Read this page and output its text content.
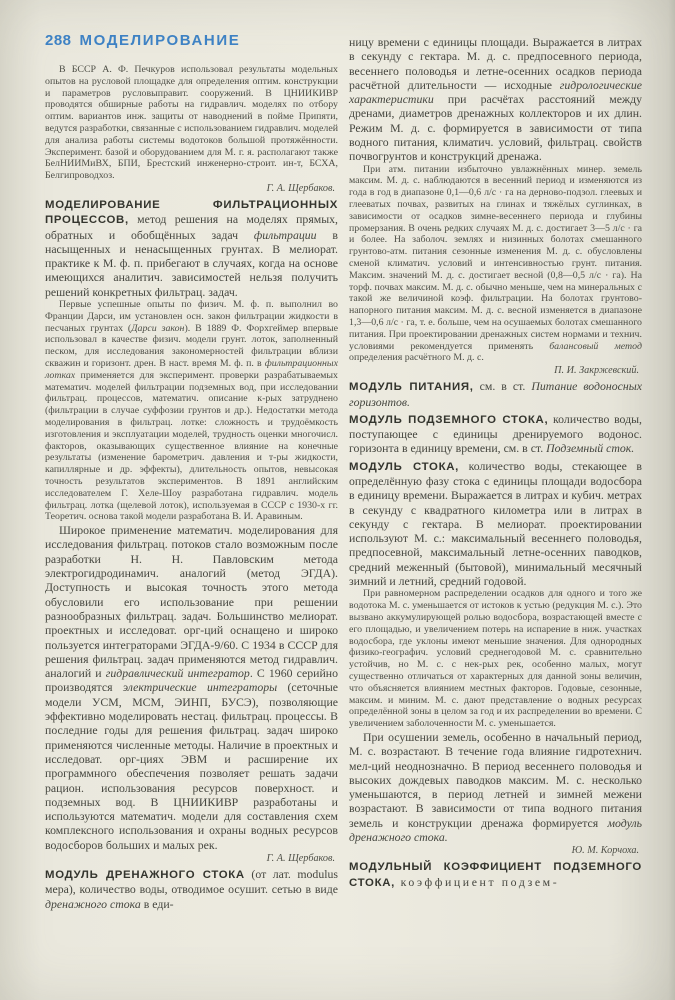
288 МОДЕЛИРОВАНИЕ

В БССР А. Ф. Печкуров использовал результаты модельных опытов на русловой площадке для определения оптим. конструкции и параметров русловыправит. сооружений. В ЦНИИКИВР проводятся обширные работы на гидравлич. моделях по отбору оптим. вариантов инж. защиты от наводнений в пойме Припяти, ведутся разработки, связанные с использованием гидравлич. моделей для анализа работы системы водотоков большой протяжённости. Эксперимент. базой и оборудованием для М. г. я. располагают также БелНИИМиВХ, БПИ, Брестский инженерно-строит. ин-т, БСХА, Белгипроводхоз.

Г. А. Щербаков.

МОДЕЛИРОВАНИЕ ФИЛЬТРАЦИОННЫХ ПРОЦЕССОВ, метод решения на моделях прямых, обратных и обобщённых задач фильтрации в насыщенных и ненасыщенных грунтах. В мелиорат. практике к М. ф. п. прибегают в случаях, когда на основе имеющихся аналитич. зависимостей нельзя получить решений конкретных фильтрац. задач.

Первые успешные опыты по физич. М. ф. п. выполнил во Франции Дарси, им установлен осн. закон фильтрации жидкости в песчаных грунтах (Дарси закон). В 1889 Ф. Форхгеймер впервые использовал в качестве физич. модели грунт. лоток, заполненный песком, для исследования закономерностей фильтрации вблизи скважин и горизонт. дрен. В наст. время М. ф. п. в фильтрационных лотках применяется для эксперимент. проверки разрабатываемых математич. моделей фильтрации подземных вод, при исследовании фильтрац. процессов, математич. описание к-рых затруднено (фильтрации в случае суффозии грунтов и др.). Недостатки метода моделирования в фильтрац. лотке: сложность и трудоёмкость изготовления и эксплуатации моделей, трудность оценки многочисл. факторов, оказывающих существенное влияние на конечные результаты (изменение барометрич. давления и т-ры жидкости, капиллярные и др. эффекты), длительность опытов, невысокая точность результатов экспериментов. В 1891 английским исследователем Г. Хеле-Шоу разработана гидравлич. модель фильтрац. лотка (щелевой лоток), используемая в СССР с 1930-х гг. Теоретич. основа такой модели разработана В. И. Аравиным.

Широкое применение математич. моделирования для исследования фильтрац. потоков стало возможным после разработки Н. Н. Павловским метода электрогидродинамич. аналогий (метод ЭГДА). Доступность и высокая точность этого метода обусловили его использование при решении разнообразных фильтрац. задач. Большинство мелиорат. проектных и исследоват. орг-ций оснащено и широко пользуется интеграторами ЭГДА-9/60. С 1934 в СССР для решения фильтрац. задач применяются метод гидравлич. аналогий и гидравлический интегратор. С 1960 серийно производятся электрические интеграторы (сеточные модели УСМ, МСМ, ЭИНП, БУСЭ), позволяющие эффективно моделировать нестац. фильтрац. процессы. В последние годы для решения фильтрац. задач широко применяются численные методы. Наличие в проектных и исследоват. орг-циях ЭВМ и расширение их программного обеспечения позволяет решать задачи рацион. использования ресурсов поверхност. и подземных вод. В ЦНИИКИВР разработаны и используются математич. модели для составления схем комплексного использования и охраны водных ресурсов водосборов больших и малых рек.

Г. А. Щербаков.

МОДУЛЬ ДРЕНАЖНОГО СТОКА (от лат. modulus мера), количество воды, отводимое осушит. сетью в виде дренажного стока в еди-

ницу времени с единицы площади. Выражается в литрах в секунду с гектара. М. д. с. предпосевного периода, весеннего половодья и летне-осенних осадков периода расчётной длительности — исходные гидрологические характеристики при расчётах расстояний между дренами, диаметров дренажных коллекторов и их длин. Режим М. д. с. формируется в зависимости от типа водного питания, климатич. условий, фильтрац. свойств почвогрунтов и конструкций дренажа.

При атм. питании избыточно увлажнённых минер. земель максим. М. д. с. наблюдаются в весенний период и изменяются из года в год в диапазоне 0,1—0,6 л/с · га на дерново-подзол. глеевых и глееватых почвах, развитых на глинах и тяжёлых суглинках, в зависимости от осадков зимне-весеннего периода и глубины промерзания. В очень редких случаях М. д. с. достигает 3—5 л/с · га и более. На заболоч. землях и низинных болотах смешанного грунтово-атм. питания сезонные изменения М. д. с. обусловлены сменой климатич. условий и интенсивностью грунт. питания. Максим. значений М. д. с. достигает весной (0,8—0,5 л/с · га). На торф. почвах максим. М. д. с. обычно меньше, чем на минеральных с такой же величиной коэф. фильтрации. На болотах грунтово-напорного питания максим. М. д. с. весной изменяется в диапазоне 1,3—0,6 л/с · га, т. е. больше, чем на осушаемых болотах смешанного питания. При проектировании дренажных систем нормами и технич. условиями рекомендуется применять балансовый метод определения расчётного М. д. с.

П. И. Закржевский.

МОДУЛЬ ПИТАНИЯ, см. в ст. Питание водоносных горизонтов.

МОДУЛЬ ПОДЗЕМНОГО СТОКА, количество воды, поступающее с единицы дренируемого водонос. горизонта в единицу времени, см. в ст. Подземный сток.

МОДУЛЬ СТОКА, количество воды, стекающее в определённую фазу стока с единицы площади водосбора в единицу времени. Выражается в литрах и кубич. метрах в секунду с квадратного километра или в литрах в секунду с гектара. В мелиорат. проектировании используют М. с.: максимальный весеннего половодья, предпосевной, максимальный летне-осенних паводков, средний меженный (бытовой), минимальный месячный зимний и летний, средний годовой.

При равномерном распределении осадков для одного и того же водотока М. с. уменьшается от истоков к устью (редукция М. с.). Это вызвано аккумулирующей ролью водосбора, возрастающей вместе с его площадью, и увеличением потерь на испарение в ниж. участках водосбора, где уклоны имеют меньшие значения. Для однородных физико-географич. условий среднегодовой М. с. сравнительно устойчив, но М. с. с нек-рых рек, особенно малых, могут существенно отличаться от характерных для данной зоны величин, что объясняется влиянием местных факторов. Годовые, сезонные, максим. и миним. М. с. дают представление о водных ресурсах определённой зоны в целом за год и их распределении во времени. С увеличением заболоченности М. с. уменьшается.

При осушении земель, особенно в начальный период, М. с. возрастают. В течение года влияние гидротехнич. мел-ций неоднозначно. В период весеннего половодья и высоких дождевых паводков максим. М. с. несколько уменьшаются, в период летней и зимней межени возрастают. В зависимости от типа водного питания земель и конструкции дренажа формируется модуль дренажного стока.

Ю. М. Корчоха.

МОДУЛЬНЫЙ КОЭФФИЦИЕНТ ПОДЗЕМНОГО СТОКА, коэффициент подзем-
